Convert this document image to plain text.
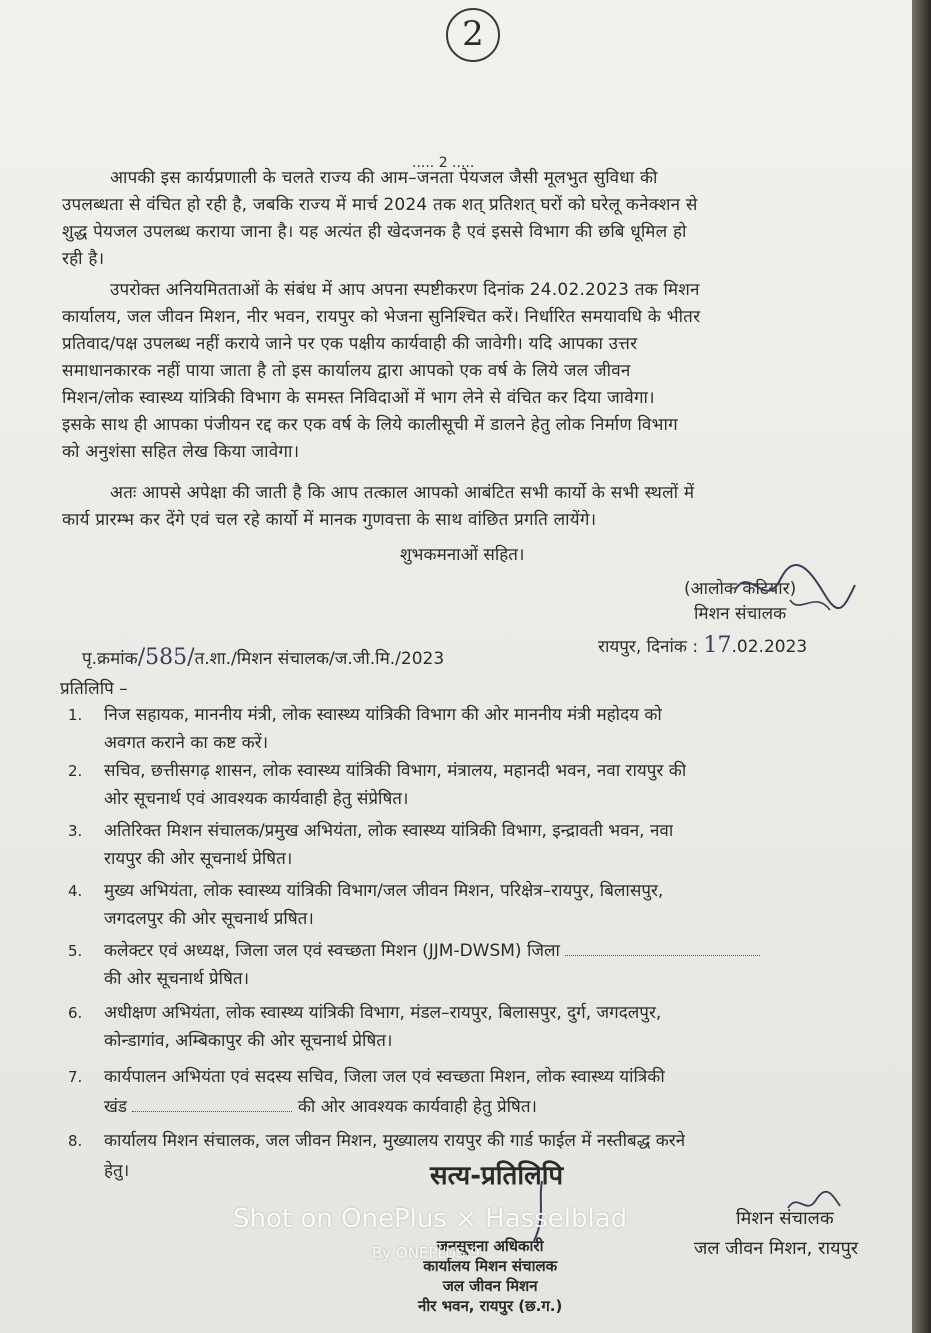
2
..... 2 .....
आपकी इस कार्यप्रणाली के चलते राज्य की आम–जनता पेयजल जैसी मूलभुत सुविधा की
उपलब्धता से वंचित हो रही है, जबकि राज्य में मार्च 2024 तक शत् प्रतिशत् घरों को घरेलू कनेक्शन से
शुद्ध पेयजल उपलब्ध कराया जाना है। यह अत्यंत ही खेदजनक है एवं इससे विभाग की छबि धूमिल हो
रही है।
उपरोक्त अनियमितताओं के संबंध में आप अपना स्पष्टीकरण दिनांक 24.02.2023 तक मिशन
कार्यालय, जल जीवन मिशन, नीर भवन, रायपुर को भेजना सुनिश्चित करें। निर्धारित समयावधि के भीतर
प्रतिवाद/पक्ष उपलब्ध नहीं कराये जाने पर एक पक्षीय कार्यवाही की जावेगी। यदि आपका उत्तर
समाधानकारक नहीं पाया जाता है तो इस कार्यालय द्वारा आपको एक वर्ष के लिये जल जीवन
मिशन/लोक स्वास्थ्य यांत्रिकी विभाग के समस्त निविदाओं में भाग लेने से वंचित कर दिया जावेगा।
इसके साथ ही आपका पंजीयन रद्द कर एक वर्ष के लिये कालीसूची में डालने हेतु लोक निर्माण विभाग
को अनुशंसा सहित लेख किया जावेगा।
अतः आपसे अपेक्षा की जाती है कि आप तत्काल आपको आबंटित सभी कार्यो के सभी स्थलों में
कार्य प्रारम्भ कर देंगे एवं चल रहे कार्यो में मानक गुणवत्ता के साथ वांछित प्रगति लायेंगे।
शुभकमनाओं सहित।
(आलोक कटियार)
मिशन संचालक
पृ.क्रमांक/585/त.शा./मिशन संचालक/ज.जी.मि./2023
रायपुर, दिनांक : 17.02.2023
प्रतिलिपि –
1. निज सहायक, माननीय मंत्री, लोक स्वास्थ्य यांत्रिकी विभाग की ओर माननीय मंत्री महोदय को
अवगत कराने का कष्ट करें।
2. सचिव, छत्तीसगढ़ शासन, लोक स्वास्थ्य यांत्रिकी विभाग, मंत्रालय, महानदी भवन, नवा रायपुर की
ओर सूचनार्थ एवं आवश्यक कार्यवाही हेतु संप्रेषित।
3. अतिरिक्त मिशन संचालक/प्रमुख अभियंता, लोक स्वास्थ्य यांत्रिकी विभाग, इन्द्रावती भवन, नवा
रायपुर की ओर सूचनार्थ प्रेषित।
4. मुख्य अभियंता, लोक स्वास्थ्य यांत्रिकी विभाग/जल जीवन मिशन, परिक्षेत्र–रायपुर, बिलासपुर,
जगदलपुर की ओर सूचनार्थ प्रषित।
5. कलेक्टर एवं अध्यक्ष, जिला जल एवं स्वच्छता मिशन (JJM-DWSM) जिला
की ओर सूचनार्थ प्रेषित।
6. अधीक्षण अभियंता, लोक स्वास्थ्य यांत्रिकी विभाग, मंडल–रायपुर, बिलासपुर, दुर्ग, जगदलपुर,
कोन्डागांव, अम्बिकापुर की ओर सूचनार्थ प्रेषित।
7. कार्यपालन अभियंता एवं सदस्य सचिव, जिला जल एवं स्वच्छता मिशन, लोक स्वास्थ्य यांत्रिकी
खंड	की ओर आवश्यक कार्यवाही हेतु प्रेषित।
8. कार्यालय मिशन संचालक, जल जीवन मिशन, मुख्यालय रायपुर की गार्ड फाईल में नस्तीबद्ध करने
हेतु।	सत्य-प्रतिलिपि
जनसूचना अधिकारी
कार्यालय मिशन संचालक
जल जीवन मिशन
नीर भवन, रायपुर (छ.ग.)
मिशन संचालक
जल जीवन मिशन, रायपुर
Shot on OnePlus × Hasselblad
By ONEPLUS 9
